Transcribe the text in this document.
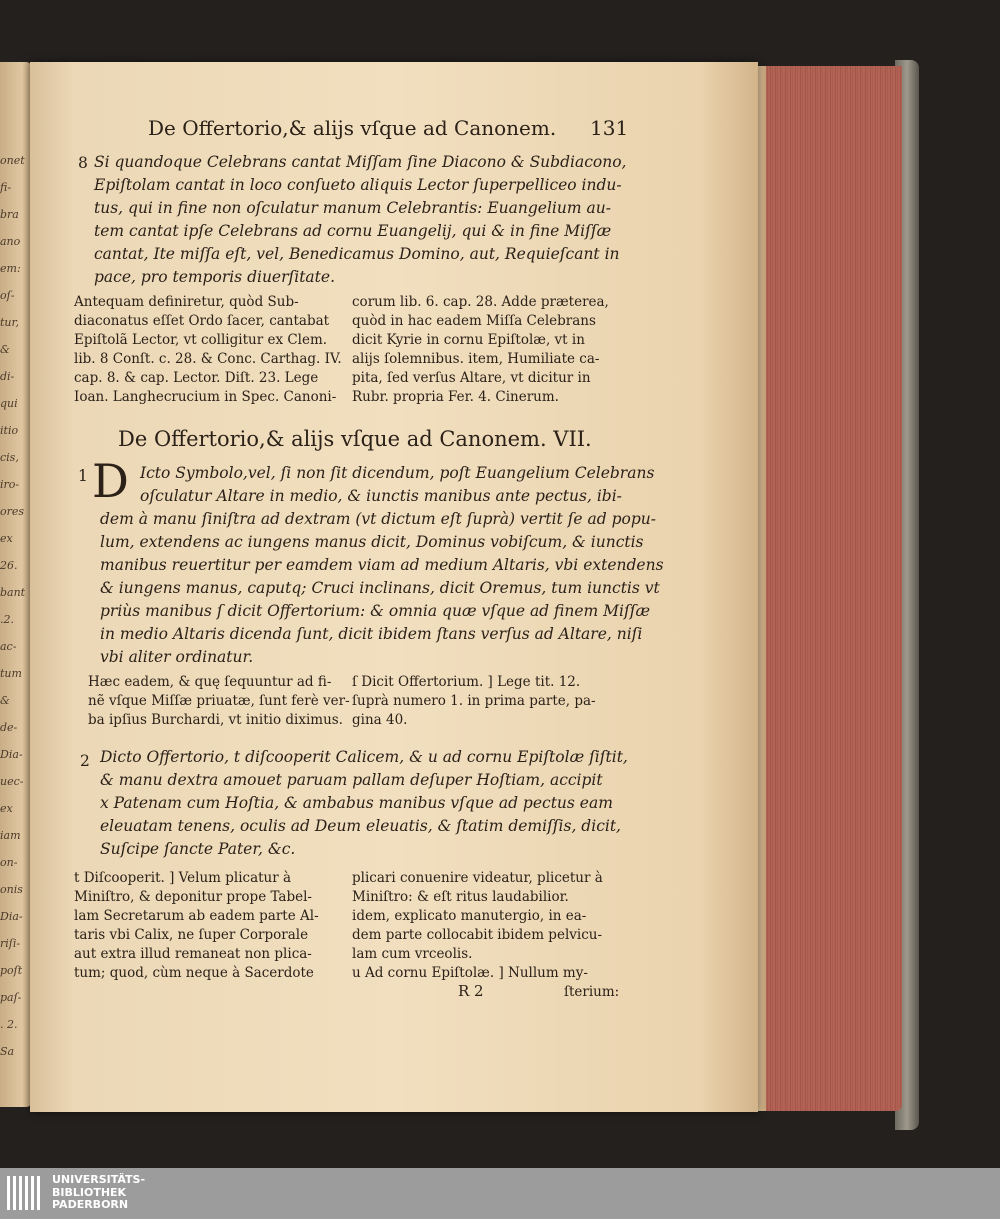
onet
fi-
bra
ano
em:
oſ-
tur,
&
di-
qui
itio
cis,
iro-
ores
ex
26.
bant
.2.
ac-
tum
&
de-
Dia-
uec-
ex
iam
on-
onis
Dia-
riſi-
poſt
paſ-
. 2.
Sa
De Offertorio,& alijs vſque ad Canonem. 131
8 Si quandoque Celebrans cantat Miſſam ſine Diacono & Subdiacono,
Epiſtolam cantat in loco conſueto aliquis Lector ſuperpelliceo indu-
tus, qui in fine non oſculatur manum Celebrantis: Euangelium au-
tem cantat ipſe Celebrans ad cornu Euangelij, qui & in fine Miſſæ
cantat, Ite miſſa eſt, vel, Benedicamus Domino, aut, Requieſcant in
pace, pro temporis diuerſitate.
Antequam definiretur, quòd Sub-
diaconatus eſſet Ordo ſacer, cantabat
Epiſtolã Lector, vt colligitur ex Clem.
lib. 8 Conſt. c. 28. & Conc. Carthag. IV.
cap. 8. & cap. Lector. Diſt. 23. Lege
Ioan. Langhecrucium in Spec. Canoni-
corum lib. 6. cap. 28. Adde præterea,
quòd in hac eadem Miſſa Celebrans
dicit Kyrie in cornu Epiſtolæ, vt in
alijs ſolemnibus. item, Humiliate ca-
pita, ſed verſus Altare, vt dicitur in
Rubr. propria Fer. 4. Cinerum.
De Offertorio,& alijs vſque ad Canonem. VII.
1 D Icto Symbolo,vel, ſi non ſit dicendum, poſt Euangelium Celebrans
oſculatur Altare in medio, & iunctis manibus ante pectus, ibi-
dem à manu ſiniſtra ad dextram (vt dictum eſt ſuprà) vertit ſe ad popu-
lum, extendens ac iungens manus dicit, Dominus vobiſcum, & iunctis
manibus reuertitur per eamdem viam ad medium Altaris, vbi extendens
& iungens manus, caputq; Cruci inclinans, dicit Oremus, tum iunctis vt
priùs manibus ſ dicit Offertorium: & omnia quæ vſque ad finem Miſſæ
in medio Altaris dicenda ſunt, dicit ibidem ſtans verſus ad Altare, niſi
vbi aliter ordinatur.
Hæc eadem, & quę ſequuntur ad fi-
nẽ vſque Miſſæ priuatæ, ſunt ferè ver-
ba ipſius Burchardi, vt initio diximus.
ſ Dicit Offertorium. ] Lege tit. 12.
ſuprà numero 1. in prima parte, pa-
gina 40.
2 Dicto Offertorio, t diſcooperit Calicem, & u ad cornu Epiſtolæ ſiſtit,
& manu dextra amouet paruam pallam deſuper Hoſtiam, accipit
x Patenam cum Hoſtia, & ambabus manibus vſque ad pectus eam
eleuatam tenens, oculis ad Deum eleuatis, & ſtatim demiſſis, dicit,
Suſcipe ſancte Pater, &c.
t Diſcooperit. ] Velum plicatur à
Miniſtro, & deponitur prope Tabel-
lam Secretarum ab eadem parte Al-
taris vbi Calix, ne ſuper Corporale
aut extra illud remaneat non plica-
tum; quod, cùm neque à Sacerdote
plicari conuenire videatur, plicetur à
Miniſtro: & eſt ritus laudabilior.
idem, explicato manutergio, in ea-
dem parte collocabit ibidem pelvicu-
lam cum vrceolis.
u Ad cornu Epiſtolæ. ] Nullum my-
R 2	ſterium:
UNIVERSITÄTS-
BIBLIOTHEK
PADERBORN
